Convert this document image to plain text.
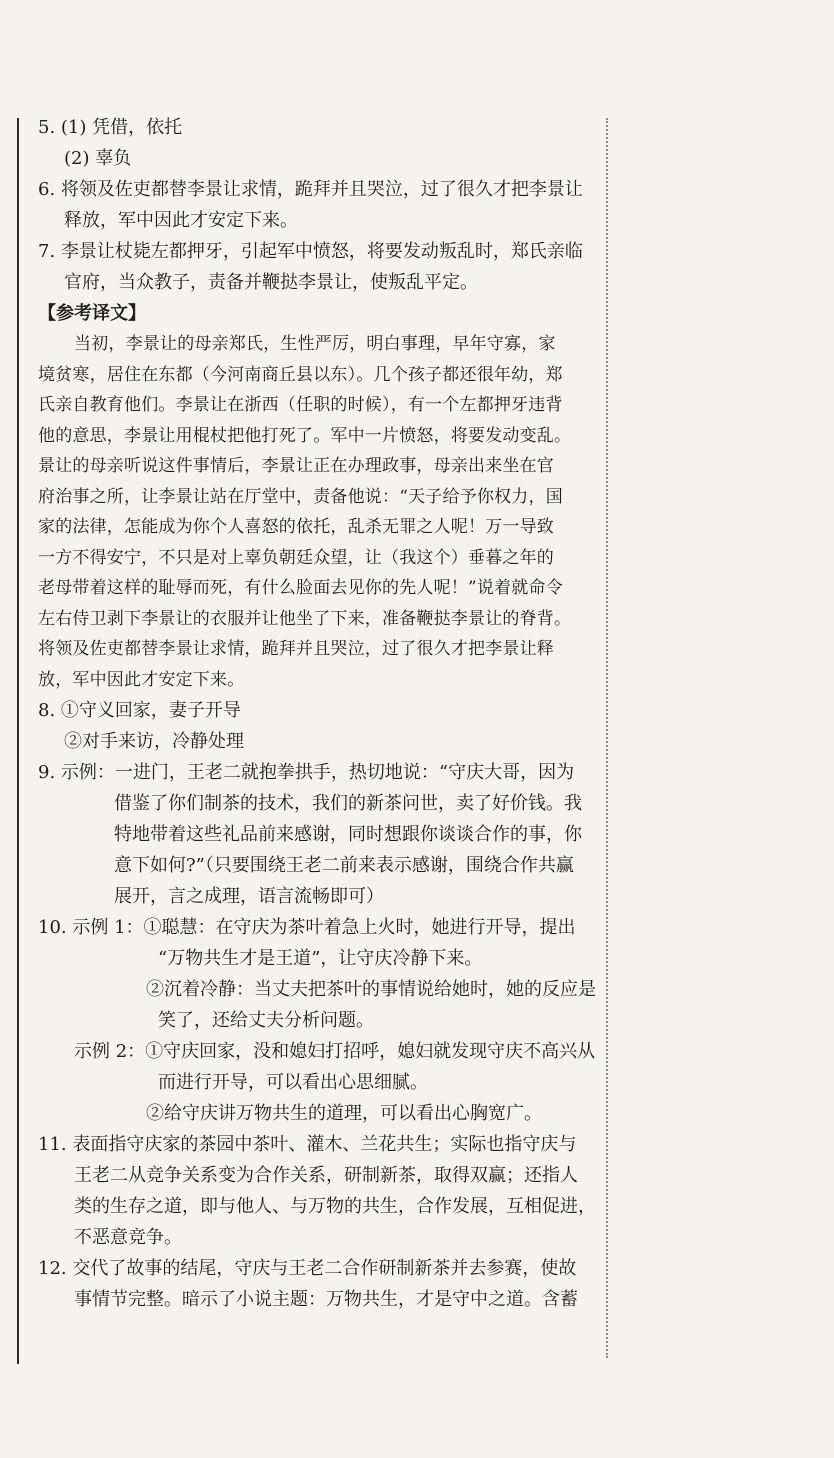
5. (1) 凭借，依托
(2) 辜负
6. 将领及佐吏都替李景让求情，跪拜并且哭泣，过了很久才把李景让
释放，军中因此才安定下来。
7. 李景让杖毙左都押牙，引起军中愤怒，将要发动叛乱时，郑氏亲临
官府，当众教子，责备并鞭挞李景让，使叛乱平定。
【参考译文】
当初，李景让的母亲郑氏，生性严厉，明白事理，早年守寡，家
境贫寒，居住在东都（今河南商丘县以东）。几个孩子都还很年幼，郑
氏亲自教育他们。李景让在浙西（任职的时候），有一个左都押牙违背
他的意思，李景让用棍杖把他打死了。军中一片愤怒，将要发动变乱。
景让的母亲听说这件事情后，李景让正在办理政事，母亲出来坐在官
府治事之所，让李景让站在厅堂中，责备他说：“天子给予你权力，国
家的法律，怎能成为你个人喜怒的依托，乱杀无罪之人呢！万一导致
一方不得安宁，不只是对上辜负朝廷众望，让（我这个）垂暮之年的
老母带着这样的耻辱而死，有什么脸面去见你的先人呢！”说着就命令
左右侍卫剥下李景让的衣服并让他坐了下来，准备鞭挞李景让的脊背。
将领及佐吏都替李景让求情，跪拜并且哭泣，过了很久才把李景让释
放，军中因此才安定下来。
8. ①守义回家，妻子开导
②对手来访，冷静处理
9. 示例：一进门，王老二就抱拳拱手，热切地说：“守庆大哥，因为
借鉴了你们制茶的技术，我们的新茶问世，卖了好价钱。我
特地带着这些礼品前来感谢，同时想跟你谈谈合作的事，你
意下如何?”（只要围绕王老二前来表示感谢，围绕合作共赢
展开，言之成理，语言流畅即可）
10. 示例 1：①聪慧：在守庆为茶叶着急上火时，她进行开导，提出
“万物共生才是王道”，让守庆冷静下来。
②沉着冷静：当丈夫把茶叶的事情说给她时，她的反应是
笑了，还给丈夫分析问题。
示例 2：①守庆回家，没和媳妇打招呼，媳妇就发现守庆不高兴从
而进行开导，可以看出心思细腻。
②给守庆讲万物共生的道理，可以看出心胸宽广。
11. 表面指守庆家的茶园中茶叶、灌木、兰花共生；实际也指守庆与
王老二从竞争关系变为合作关系，研制新茶，取得双赢；还指人
类的生存之道，即与他人、与万物的共生，合作发展，互相促进，
不恶意竞争。
12. 交代了故事的结尾，守庆与王老二合作研制新茶并去参赛，使故
事情节完整。暗示了小说主题：万物共生，才是守中之道。含蓄
